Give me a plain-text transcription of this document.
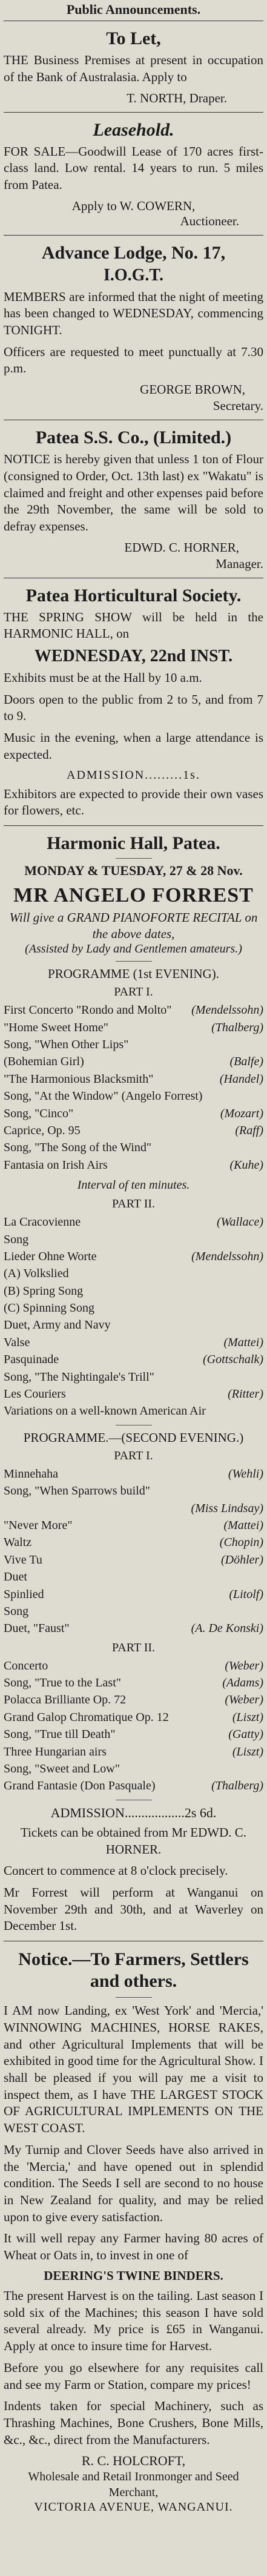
Public Announcements.
To Let,

THE Business Premises at present in occupation of the Bank of Australasia. Apply to

T. NORTH, Draper.
Leasehold.

FOR SALE—Goodwill Lease of 170 acres first-class land. Low rental. 14 years to run. 5 miles from Patea.

Apply to W. COWERN,
Auctioneer.
Advance Lodge, No. 17,
I.O.G.T.

MEMBERS are informed that the night of meeting has been changed to WEDNESDAY, commencing TONIGHT.

Officers are requested to meet punctually at 7.30 p.m.

GEORGE BROWN,
Secretary.
Patea S.S. Co., (Limited.)

NOTICE is hereby given that unless 1 ton of Flour (consigned to Order, Oct. 13th last) ex "Wakatu" is claimed and freight and other expenses paid before the 29th November, the same will be sold to defray expenses.

EDWD. C. HORNER,
Manager.
Patea Horticultural Society.

THE SPRING SHOW will be held in the HARMONIC HALL, on

WEDNESDAY, 22nd INST.

Exhibits must be at the Hall by 10 a.m.

Doors open to the public from 2 to 5, and from 7 to 9.

Music in the evening, when a large attendance is expected.

ADMISSION.........1s.

Exhibitors are expected to provide their own vases for flowers, etc.

Harmonic Hall, Patea.
MONDAY & TUESDAY, 27 & 28 Nov.
MR ANGELO FORREST
Will give a GRAND PIANOFORTE RECITAL on the above dates,
(Assisted by Lady and Gentlemen amateurs.)
PROGRAMME (1st EVENING).
PART I.
First Concerto "Rondo and Molto"	(Mendelssohn)
"Home Sweet Home"	(Thalberg)
Song, "When Other Lips"
(Bohemian Girl)	(Balfe)
"The Harmonious Blacksmith"	(Handel)
Song, "At the Window" (Angelo Forrest)
Song, "Cinco"	(Mozart)
Caprice, Op. 95	(Raff)
Song, "The Song of the Wind"
Fantasia on Irish Airs	(Kuhe)
Interval of ten minutes.
PART II.
La Cracovienne	(Wallace)
Song
Lieder Ohne Worte	(Mendelssohn)
(A) Volkslied
(B) Spring Song
(C) Spinning Song
Duet, Army and Navy
Valse	(Mattei)
Pasquinade	(Gottschalk)
Song, "The Nightingale's Trill"
Les Couriers	(Ritter)
Variations on a well-known American Air
PROGRAMME.—(SECOND EVENING.)
PART I.
Minnehaha	(Wehli)
Song, "When Sparrows build"
(Miss Lindsay)
"Never More"	(Mattei)
Waltz	(Chopin)
Vive Tu	(Döhler)
Duet
Spinlied	(Litolf)
Song
Duet, "Faust"	(A. De Konski)
PART II.
Concerto	(Weber)
Song, "True to the Last"	(Adams)
Polacca Brilliante Op. 72	(Weber)
Grand Galop Chromatique Op. 12	(Liszt)
Song, "True till Death"	(Gatty)
Three Hungarian airs	(Liszt)
Song, "Sweet and Low"
Grand Fantasie (Don Pasquale)	(Thalberg)
ADMISSION..................2s 6d.

Tickets can be obtained from Mr EDWD. C. HORNER.

Concert to commence at 8 o'clock precisely.

Mr Forrest will perform at Wanganui on November 29th and 30th, and at Waverley on December 1st.

Notice.—To Farmers, Settlers and others.

I AM now Landing, ex 'West York' and 'Mercia,' WINNOWING MACHINES, HORSE RAKES, and other Agricultural Implements that will be exhibited in good time for the Agricultural Show. I shall be pleased if you will pay me a visit to inspect them, as I have THE LARGEST STOCK OF AGRICULTURAL IMPLEMENTS ON THE WEST COAST.

My Turnip and Clover Seeds have also arrived in the 'Mercia,' and have opened out in splendid condition. The Seeds I sell are second to no house in New Zealand for quality, and may be relied upon to give every satisfaction.

It will well repay any Farmer having 80 acres of Wheat or Oats in, to invest in one of

DEERING'S TWINE BINDERS.

The present Harvest is on the tailing. Last season I sold six of the Machines; this season I have sold several already. My price is £65 in Wanganui. Apply at once to insure time for Harvest.

Before you go elsewhere for any requisites call and see my Farm or Station, compare my prices!

Indents taken for special Machinery, such as Thrashing Machines, Bone Crushers, Bone Mills, &c., &c., direct from the Manufacturers.

R. C. HOLCROFT,
Wholesale and Retail Ironmonger and Seed Merchant,
VICTORIA AVENUE, WANGANUI.
